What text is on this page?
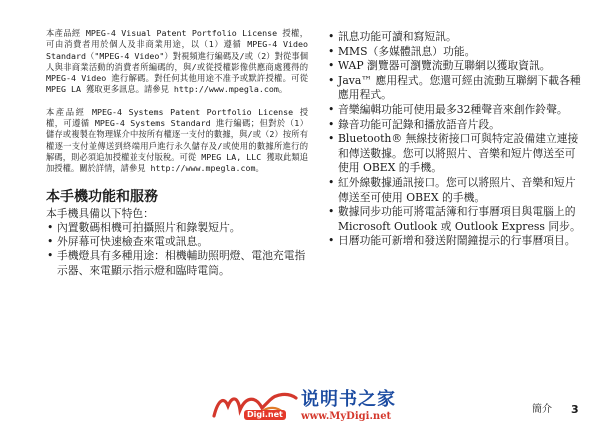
本產品經 MPEG-4 Visual Patent Portfolio License 授權，可由消費者用於個人及非商業用途，以（1）遵循 MPEG-4 Video Standard（"MPEG-4 Video"）對視頻進行編碼及/或（2）對從事個人與非商業活動的消費者所編碼的，與/或從授權影像供應商處獲得的 MPEG-4 Video 進行解碼。對任何其他用途不准予或默許授權。可從 MPEG LA 獲取更多訊息。請參見 http://www.mpegla.com。

本產品經 MPEG-4 Systems Patent Portfolio License 授權，可遵循 MPEG-4 Systems Standard 進行編碼；但對於（1）儲存或複製在物理媒介中按所有權逐一支付的數據，與/或（2）按所有權逐一支付並傳送到終端用戶進行永久儲存及/或使用的數據所進行的解碼，則必須追加授權並支付版稅。可從 MPEG LA, LLC 獲取此類追加授權。關於詳情，請參見 http://www.mpegla.com。

本手機功能和服務

本手機具備以下特色：

• 內置數碼相機可拍攝照片和錄製短片。
• 外屏幕可快速檢查來電或訊息。
• 手機燈具有多種用途：相機輔助照明燈、電池充電指示器、來電顯示指示燈和臨時電筒。
• 訊息功能可讀和寫短訊。
• MMS（多媒體訊息）功能。
• WAP 瀏覽器可瀏覽流動互聯網以獲取資訊。
• Java™ 應用程式。您還可經由流動互聯網下載各種應用程式。
• 音樂編輯功能可使用最多32種聲音來創作鈴聲。
• 錄音功能可記錄和播放語音片段。
• Bluetooth® 無線技術接口可與特定設備建立連接和傳送數據。您可以將照片、音樂和短片傳送至可使用 OBEX 的手機。
• 紅外線數據通訊接口。您可以將照片、音樂和短片傳送至可使用 OBEX 的手機。
• 數據同步功能可將電話簿和行事曆項目與電腦上的 Microsoft Outlook 或 Outlook Express 同步。
• 日曆功能可新增和發送附鬧鐘提示的行事曆項目。
Digi.net
说明书之家
www.MyDigi.net
簡介 3
